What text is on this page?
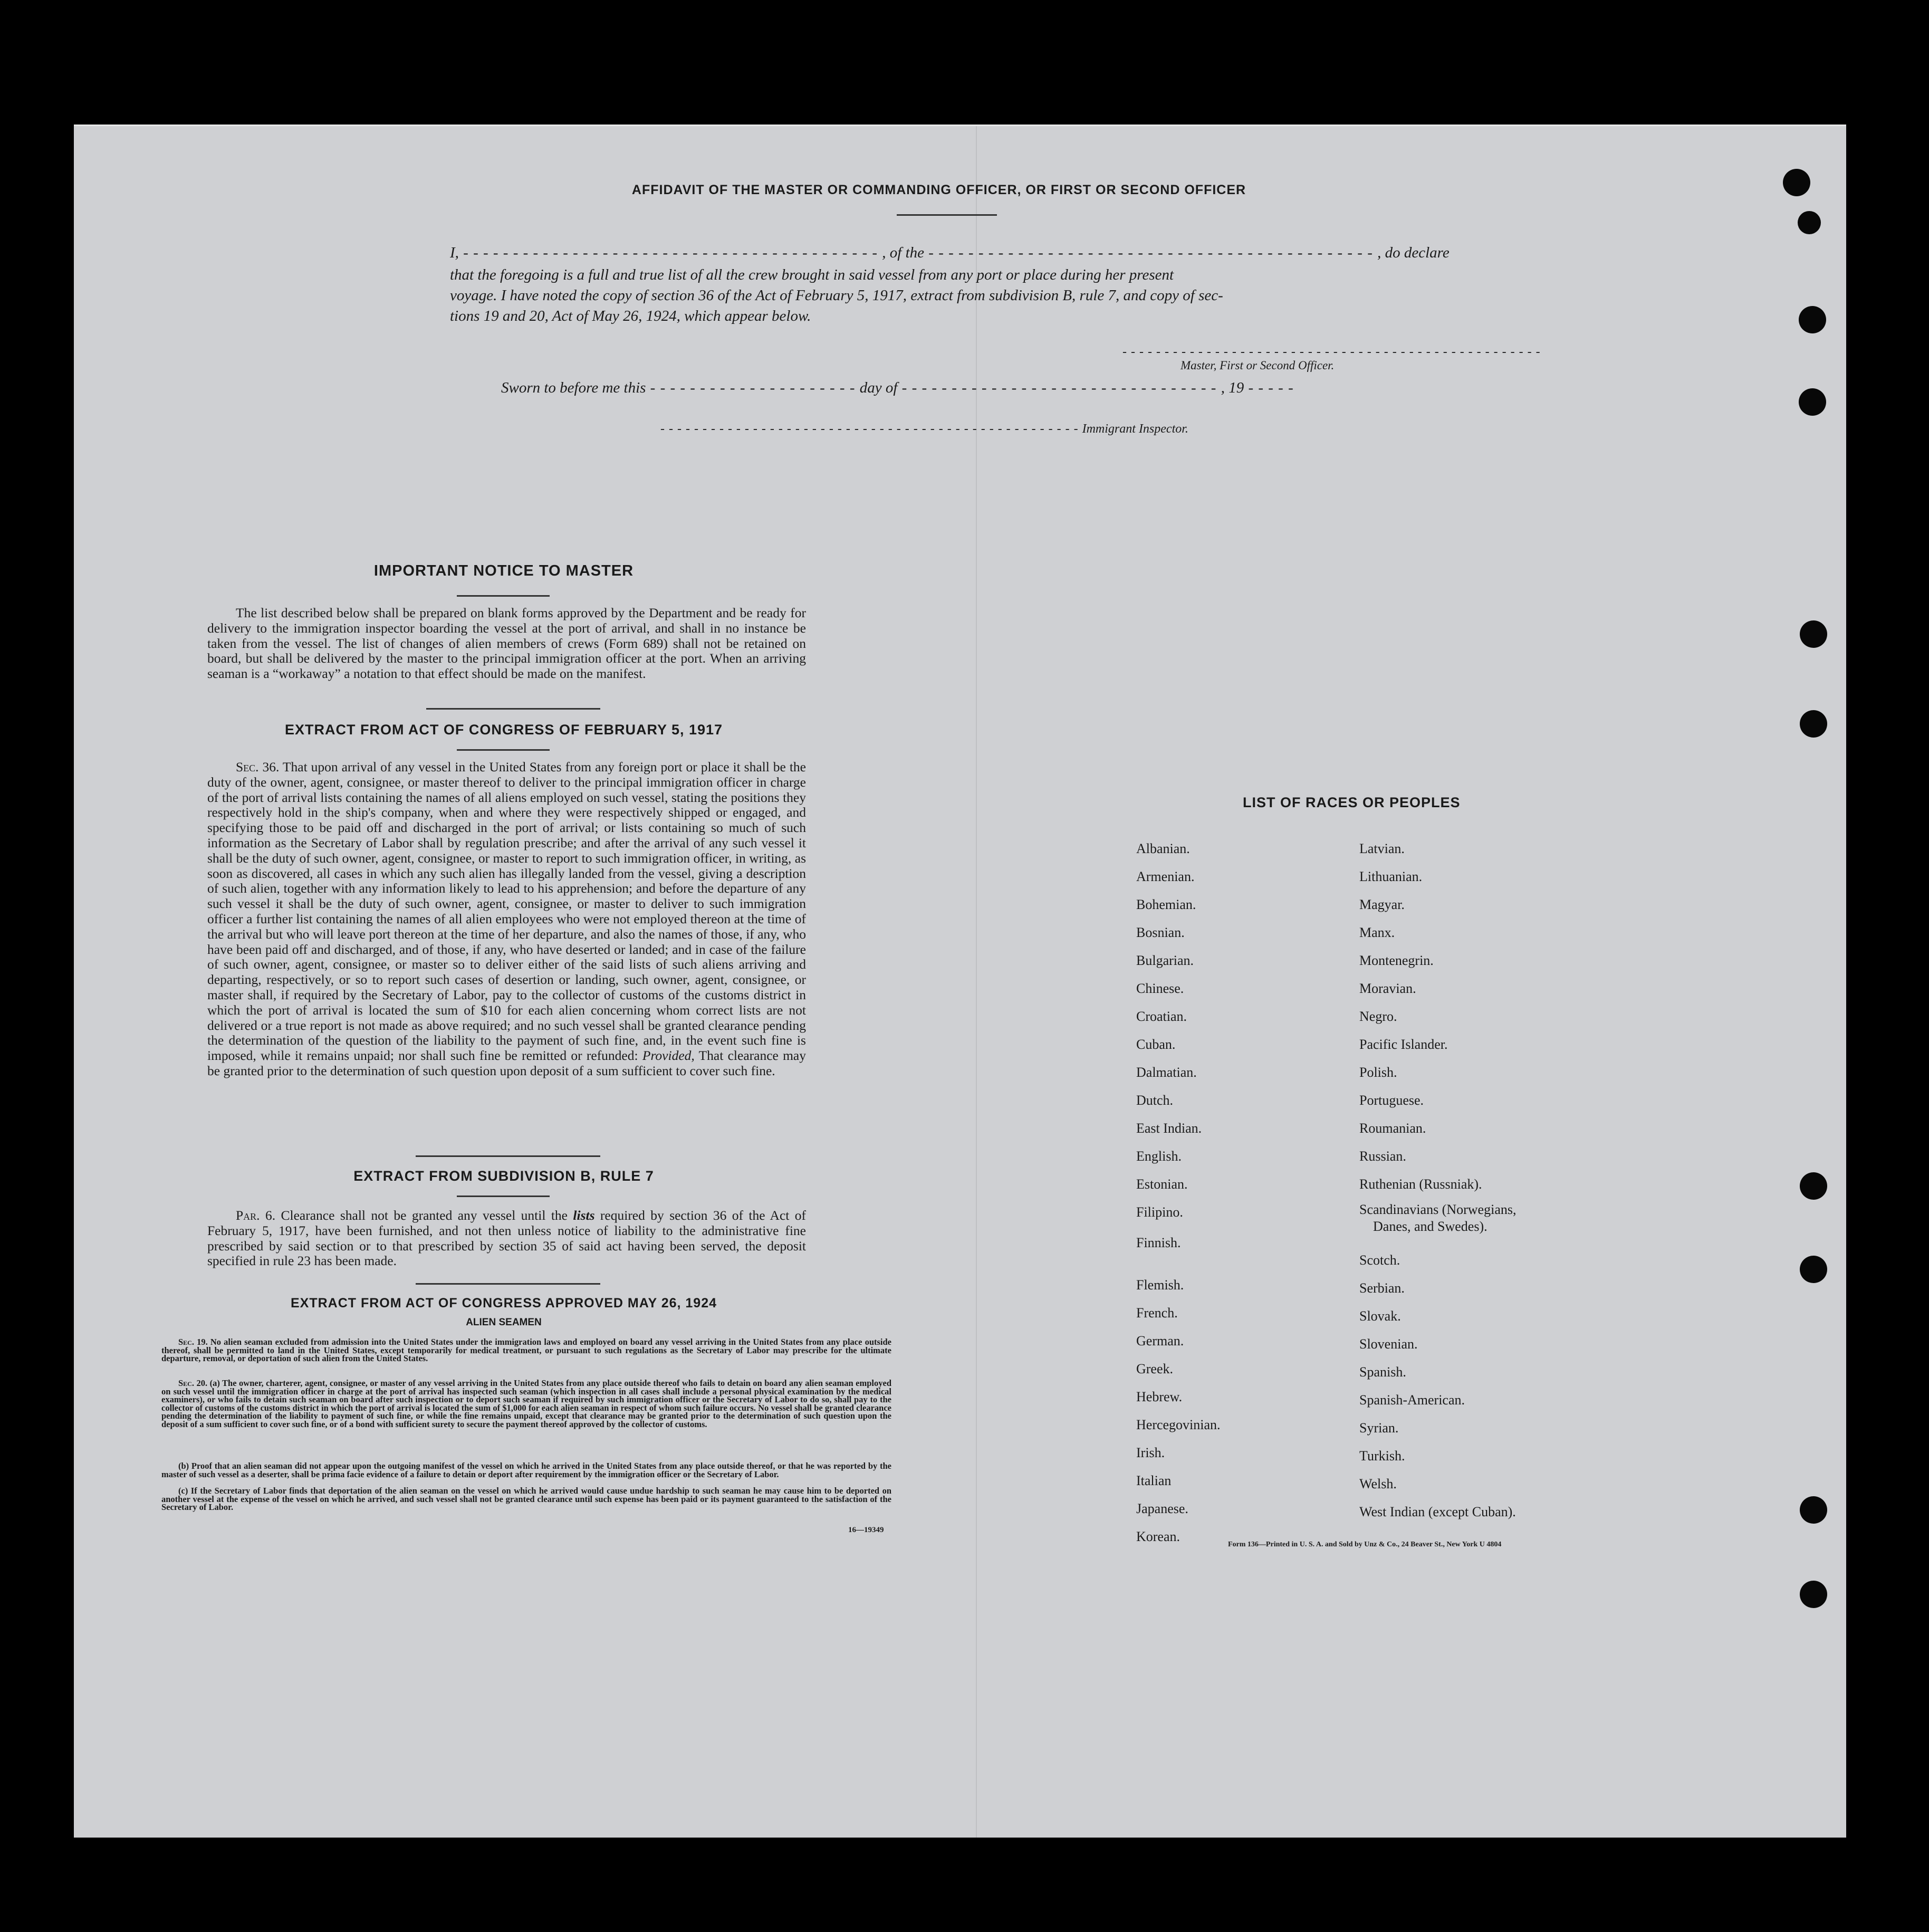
AFFIDAVIT OF THE MASTER OR COMMANDING OFFICER, OR FIRST OR SECOND OFFICER
I, - - - - - - - - - - - - - - - - - - - - - - - - - - - - - - - - - - - - - - - - - - , of the - - - - - - - - - - - - - - - - - - - - - - - - - - - - - - - - - - - - - - - - - - - - - , do declare
that the foregoing is a full and true list of all the crew brought in said vessel from any port or place during her present
voyage. I have noted the copy of section 36 of the Act of February 5, 1917, extract from subdivision B, rule 7, and copy of sec-
tions 19 and 20, Act of May 26, 1924, which appear below.
- - - - - - - - - - - - - - - - - - - - - - - - - - - - - - - - - - - - - - - - - - - - - - - - - -
Master, First or Second Officer.
Sworn to before me this - - - - - - - - - - - - - - - - - - - - - day of - - - - - - - - - - - - - - - - - - - - - - - - - - - - - - - - , 19 - - - - -
- - - - - - - - - - - - - - - - - - - - - - - - - - - - - - - - - - - - - - - - - - - - - - - - - - Immigrant Inspector.
IMPORTANT NOTICE TO MASTER
The list described below shall be prepared on blank forms approved by the Department and be ready for delivery to the immigration inspector boarding the vessel at the port of arrival, and shall in no instance be taken from the vessel. The list of changes of alien members of crews (Form 689) shall not be retained on board, but shall be delivered by the master to the principal immigration officer at the port. When an arriving seaman is a “workaway” a notation to that effect should be made on the manifest.
EXTRACT FROM ACT OF CONGRESS OF FEBRUARY 5, 1917
Sec. 36. That upon arrival of any vessel in the United States from any foreign port or place it shall be the duty of the owner, agent, consignee, or master thereof to deliver to the principal immigration officer in charge of the port of arrival lists containing the names of all aliens employed on such vessel, stating the positions they respectively hold in the ship's company, when and where they were respectively shipped or engaged, and specifying those to be paid off and discharged in the port of arrival; or lists containing so much of such information as the Secretary of Labor shall by regulation prescribe; and after the arrival of any such vessel it shall be the duty of such owner, agent, consignee, or master to report to such immigration officer, in writing, as soon as discovered, all cases in which any such alien has illegally landed from the vessel, giving a description of such alien, together with any information likely to lead to his apprehension; and before the departure of any such vessel it shall be the duty of such owner, agent, consignee, or master to deliver to such immigration officer a further list containing the names of all alien employees who were not employed thereon at the time of the arrival but who will leave port thereon at the time of her departure, and also the names of those, if any, who have been paid off and discharged, and of those, if any, who have deserted or landed; and in case of the failure of such owner, agent, consignee, or master so to deliver either of the said lists of such aliens arriving and departing, respectively, or so to report such cases of desertion or landing, such owner, agent, consignee, or master shall, if required by the Secretary of Labor, pay to the collector of customs of the customs district in which the port of arrival is located the sum of $10 for each alien concerning whom correct lists are not delivered or a true report is not made as above required; and no such vessel shall be granted clearance pending the determination of the question of the liability to the payment of such fine, and, in the event such fine is imposed, while it remains unpaid; nor shall such fine be remitted or refunded: Provided, That clearance may be granted prior to the determination of such question upon deposit of a sum sufficient to cover such fine.
EXTRACT FROM SUBDIVISION B, RULE 7
Par. 6. Clearance shall not be granted any vessel until the lists required by section 36 of the Act of February 5, 1917, have been furnished, and not then unless notice of liability to the administrative fine prescribed by said section or to that prescribed by section 35 of said act having been served, the deposit specified in rule 23 has been made.
EXTRACT FROM ACT OF CONGRESS APPROVED MAY 26, 1924
ALIEN SEAMEN
Sec. 19. No alien seaman excluded from admission into the United States under the immigration laws and employed on board any vessel arriving in the United States from any place outside thereof, shall be permitted to land in the United States, except temporarily for medical treatment, or pursuant to such regulations as the Secretary of Labor may prescribe for the ultimate departure, removal, or deportation of such alien from the United States.
Sec. 20. (a) The owner, charterer, agent, consignee, or master of any vessel arriving in the United States from any place outside thereof who fails to detain on board any alien seaman employed on such vessel until the immigration officer in charge at the port of arrival has inspected such seaman (which inspection in all cases shall include a personal physical examination by the medical examiners), or who fails to detain such seaman on board after such inspection or to deport such seaman if required by such immigration officer or the Secretary of Labor to do so, shall pay to the collector of customs of the customs district in which the port of arrival is located the sum of $1,000 for each alien seaman in respect of whom such failure occurs. No vessel shall be granted clearance pending the determination of the liability to payment of such fine, or while the fine remains unpaid, except that clearance may be granted prior to the determination of such question upon the deposit of a sum sufficient to cover such fine, or of a bond with sufficient surety to secure the payment thereof approved by the collector of customs.
(b) Proof that an alien seaman did not appear upon the outgoing manifest of the vessel on which he arrived in the United States from any place outside thereof, or that he was reported by the master of such vessel as a deserter, shall be prima facie evidence of a failure to detain or deport after requirement by the immigration officer or the Secretary of Labor.
(c) If the Secretary of Labor finds that deportation of the alien seaman on the vessel on which he arrived would cause undue hardship to such seaman he may cause him to be deported on another vessel at the expense of the vessel on which he arrived, and such vessel shall not be granted clearance until such expense has been paid or its payment guaranteed to the satisfaction of the Secretary of Labor.
16—19349
LIST OF RACES OR PEOPLES
Albanian.
Armenian.
Bohemian.
Bosnian.
Bulgarian.
Chinese.
Croatian.
Cuban.
Dalmatian.
Dutch.
East Indian.
English.
Estonian.
Filipino.
Finnish.
Flemish.
French.
German.
Greek.
Hebrew.
Hercegovinian.
Irish.
Italian
Japanese.
Korean.
Latvian.
Lithuanian.
Magyar.
Manx.
Montenegrin.
Moravian.
Negro.
Pacific Islander.
Polish.
Portuguese.
Roumanian.
Russian.
Ruthenian (Russniak).
Scandinavians (Norwegians,
Danes, and Swedes).
Scotch.
Serbian.
Slovak.
Slovenian.
Spanish.
Spanish-American.
Syrian.
Turkish.
Welsh.
West Indian (except Cuban).
Form 136—Printed in U. S. A. and Sold by Unz & Co., 24 Beaver St., New York U 4804
